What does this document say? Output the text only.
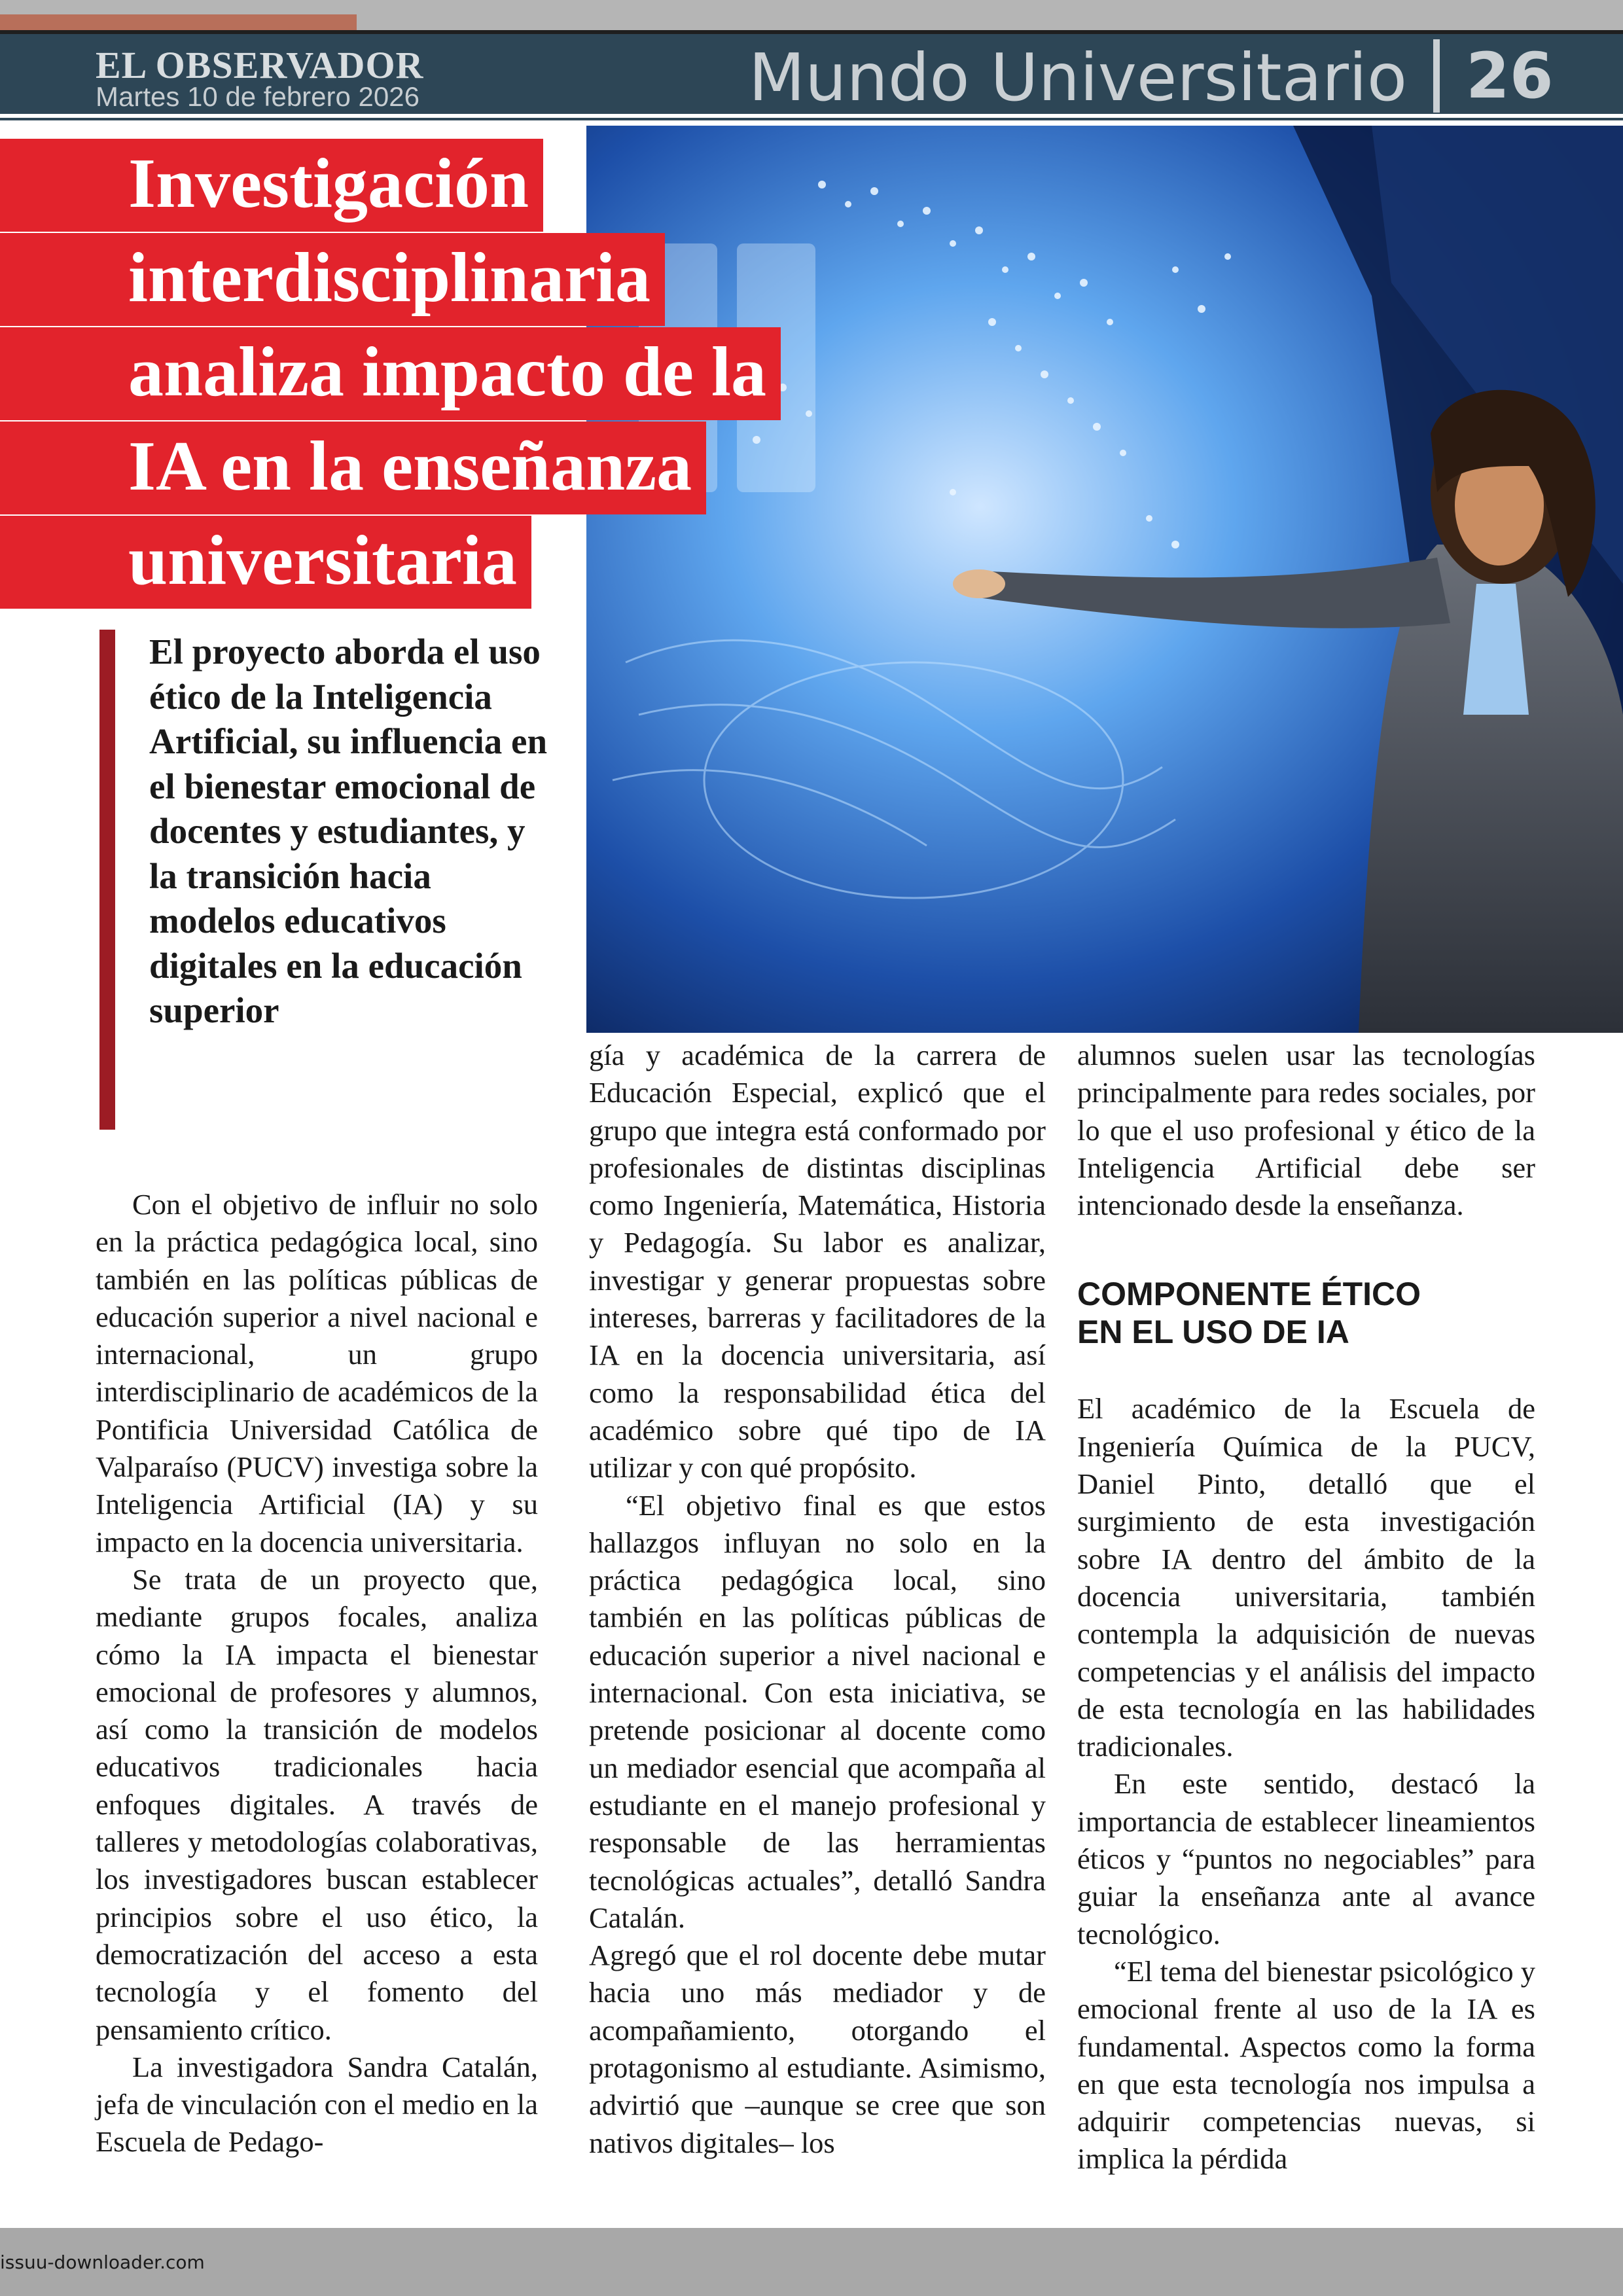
EL OBSERVADOR
Martes 10 de febrero 2026	Mundo Universitario 26
Investigación
interdisciplinaria
analiza impacto de la
IA en la enseñanza
universitaria

El proyecto aborda el uso ético de la Inteligencia Artificial, su influencia en el bienestar emocional de docentes y estudiantes, y la transición hacia modelos educativos digitales en la educación superior

Con el objetivo de influir no solo en la práctica pedagógica local, sino también en las políticas públicas de educación superior a nivel nacional e internacional, un grupo interdisciplinario de académicos de la Pontificia Universidad Católica de Valparaíso (PUCV) investiga sobre la Inteligencia Artificial (IA) y su impacto en la docencia universitaria.

Se trata de un proyecto que, mediante grupos focales, analiza cómo la IA impacta el bienestar emocional de profesores y alumnos, así como la transición de modelos educativos tradicionales hacia enfoques digitales. A través de talleres y metodologías colaborativas, los investigadores buscan establecer principios sobre el uso ético, la democratización del acceso a esta tecnología y el fomento del pensamiento crítico.

La investigadora Sandra Catalán, jefa de vinculación con el medio en la Escuela de Pedago-

gía y académica de la carrera de Educación Especial, explicó que el grupo que integra está conformado por profesionales de distintas disciplinas como Ingeniería, Matemática, Historia y Pedagogía. Su labor es analizar, investigar y generar propuestas sobre intereses, barreras y facilitadores de la IA en la docencia universitaria, así como la responsabilidad ética del académico sobre qué tipo de IA utilizar y con qué propósito.

“El objetivo final es que estos hallazgos influyan no solo en la práctica pedagógica local, sino también en las políticas públicas de educación superior a nivel nacional e internacional. Con esta iniciativa, se pretende posicionar al docente como un mediador esencial que acompaña al estudiante en el manejo profesional y responsable de las herramientas tecnológicas actuales”, detalló Sandra Catalán.

Agregó que el rol docente debe mutar hacia uno más mediador y de acompañamiento, otorgando el protagonismo al estudiante. Asimismo, advirtió que –aunque se cree que son nativos digitales– los

alumnos suelen usar las tecnologías principalmente para redes sociales, por lo que el uso profesional y ético de la Inteligencia Artificial debe ser intencionado desde la enseñanza.

COMPONENTE ÉTICO
EN EL USO DE IA

El académico de la Escuela de Ingeniería Química de la PUCV, Daniel Pinto, detalló que el surgimiento de esta investigación sobre IA dentro del ámbito de la docencia universitaria, también contempla la adquisición de nuevas competencias y el análisis del impacto de esta tecnología en las habilidades tradicionales.

En este sentido, destacó la importancia de establecer lineamientos éticos y “puntos no negociables” para guiar la enseñanza ante al avance tecnológico.

“El tema del bienestar psicológico y emocional frente al uso de la IA es fundamental. Aspectos como la forma en que esta tecnología nos impulsa a adquirir competencias nuevas, si implica la pérdida

issuu-downloader.com
